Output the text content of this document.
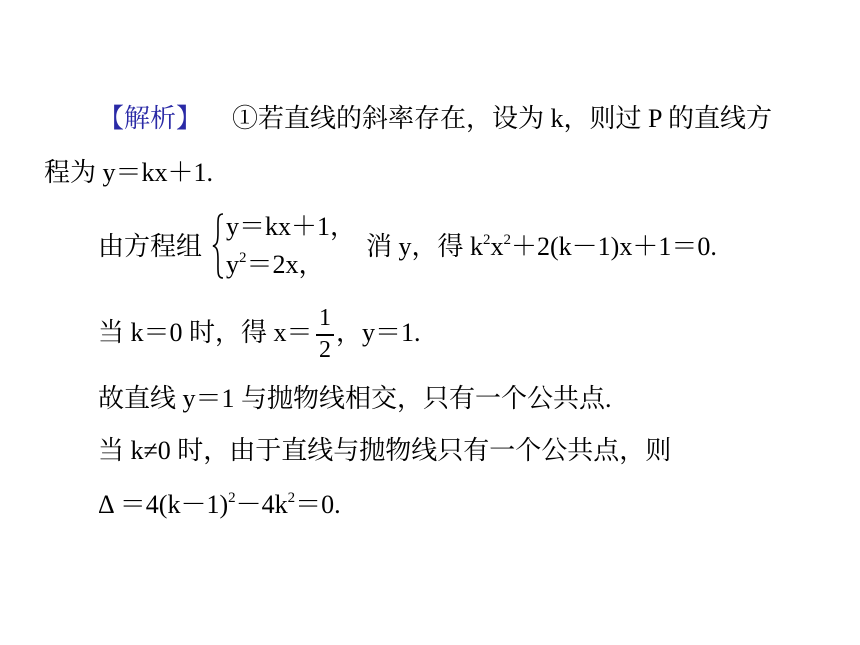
【解析】 ①若直线的斜率存在，设为 k，则过 P 的直线方
程为 y＝kx＋1.
由方程组
y＝kx＋1，
$y^2=2x$，
消 y，得 $k^2x^2+2(k-1)x+1=0$.
当 k＝0 时，得 x＝ 1
2
，y＝1.
故直线 y＝1 与抛物线相交，只有一个公共点.
当 k≠0 时，由于直线与抛物线只有一个公共点，则
$\Delta =4(k-1)^2-4k^2=0$.
